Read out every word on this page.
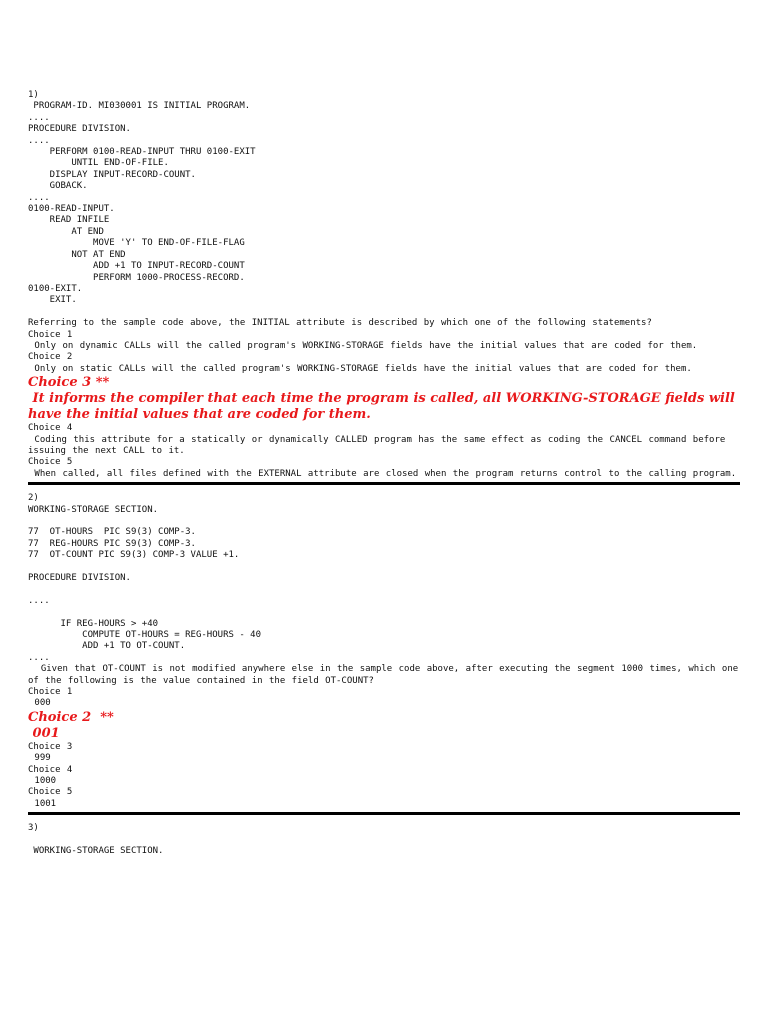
1)
PROGRAM-ID. MI030001 IS INITIAL PROGRAM.
....
PROCEDURE DIVISION.
....
PERFORM 0100-READ-INPUT THRU 0100-EXIT
UNTIL END-OF-FILE.
DISPLAY INPUT-RECORD-COUNT.
GOBACK.
....
0100-READ-INPUT.
READ INFILE
AT END
MOVE 'Y' TO END-OF-FILE-FLAG
NOT AT END
ADD +1 TO INPUT-RECORD-COUNT
PERFORM 1000-PROCESS-RECORD.
0100-EXIT.
EXIT.
Referring to the sample code above, the INITIAL attribute is described by which one of the following statements?
Choice 1
Only on dynamic CALLs will the called program's WORKING-STORAGE fields have the initial values that are coded for them.
Choice 2
Only on static CALLs will the called program's WORKING-STORAGE fields have the initial values that are coded for them.
Choice 3 **
It informs the compiler that each time the program is called, all WORKING-STORAGE fields will have the initial values that are coded for them.
Choice 4
Coding this attribute for a statically or dynamically CALLED program has the same effect as coding the CANCEL command before issuing the next CALL to it.
Choice 5
When called, all files defined with the EXTERNAL attribute are closed when the program returns control to the calling program.
2)
WORKING-STORAGE SECTION.
77  OT-HOURS  PIC S9(3) COMP-3.
77  REG-HOURS PIC S9(3) COMP-3.
77  OT-COUNT PIC S9(3) COMP-3 VALUE +1.
PROCEDURE DIVISION.
....
IF REG-HOURS > +40
COMPUTE OT-HOURS = REG-HOURS - 40
ADD +1 TO OT-COUNT.
....
Given that OT-COUNT is not modified anywhere else in the sample code above, after executing the segment 1000 times, which one of the following is the value contained in the field OT-COUNT?
Choice 1
000
Choice 2  **
001
Choice 3
999
Choice 4
1000
Choice 5
1001
3)
WORKING-STORAGE SECTION.
